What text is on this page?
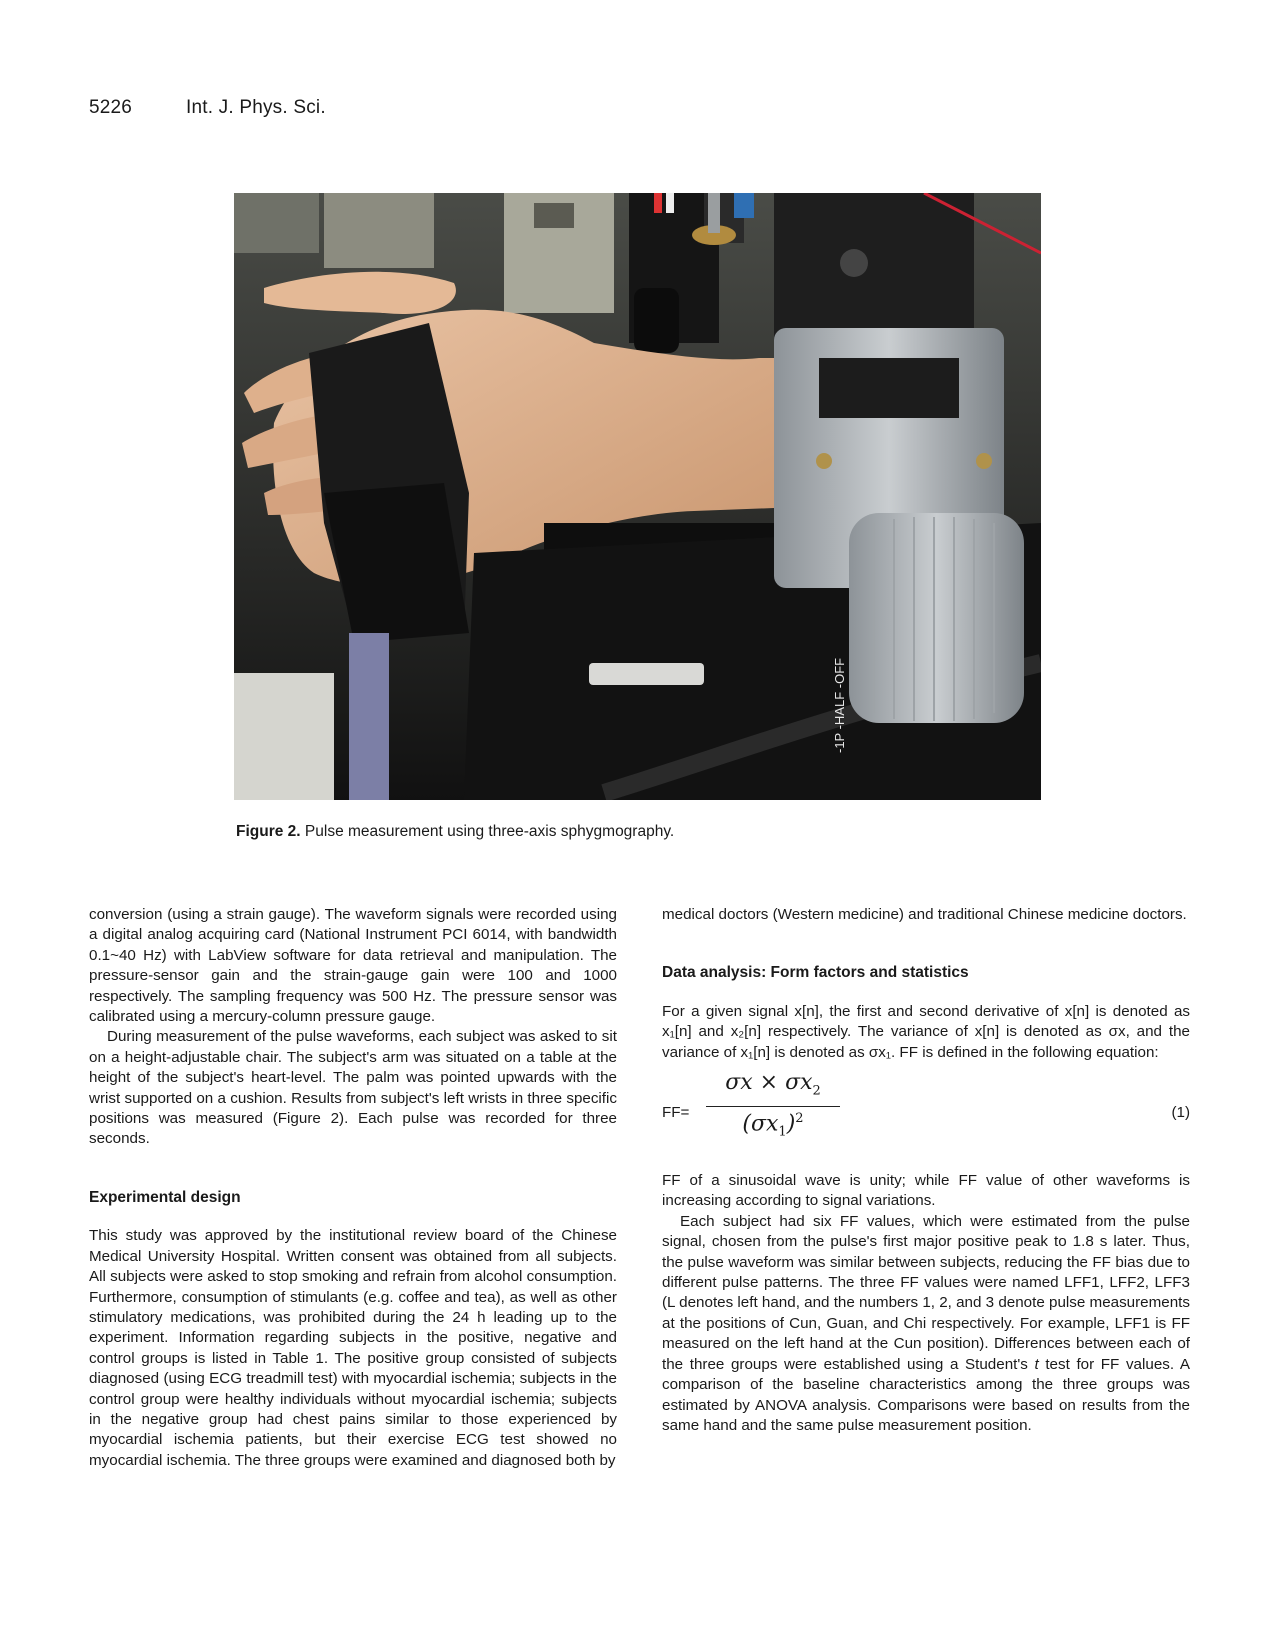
5226	Int. J. Phys. Sci.
-1P -HALF -OFF
Figure 2. Pulse measurement using three-axis sphygmography.

conversion (using a strain gauge). The waveform signals were recorded using a digital analog acquiring card (National Instrument PCI 6014, with bandwidth 0.1~40 Hz) with LabView software for data retrieval and manipulation. The pressure-sensor gain and the strain-gauge gain were 100 and 1000 respectively. The sampling frequency was 500 Hz. The pressure sensor was calibrated using a mercury-column pressure gauge.

During measurement of the pulse waveforms, each subject was asked to sit on a height-adjustable chair. The subject's arm was situated on a table at the height of the subject's heart-level. The palm was pointed upwards with the wrist supported on a cushion. Results from subject's left wrists in three specific positions was measured (Figure 2). Each pulse was recorded for three seconds.

Experimental design

This study was approved by the institutional review board of the Chinese Medical University Hospital. Written consent was obtained from all subjects. All subjects were asked to stop smoking and refrain from alcohol consumption. Furthermore, consumption of stimulants (e.g. coffee and tea), as well as other stimulatory medications, was prohibited during the 24 h leading up to the experiment. Information regarding subjects in the positive, negative and control groups is listed in Table 1. The positive group consisted of subjects diagnosed (using ECG treadmill test) with myocardial ischemia; subjects in the control group were healthy individuals without myocardial ischemia; subjects in the negative group had chest pains similar to those experienced by myocardial ischemia patients, but their exercise ECG test showed no myocardial ischemia. The three groups were examined and diagnosed both by

medical doctors (Western medicine) and traditional Chinese medicine doctors.

Data analysis: Form factors and statistics

For a given signal x[n], the first and second derivative of x[n] is denoted as x₁[n] and x₂[n] respectively. The variance of x[n] is denoted as σx, and the variance of x₁[n] is denoted as σx₁. FF is defined in the following equation:

$FF= \frac{\sigma x \times \sigma x_2}{(\sigma x_1)^2}$	(1)

FF of a sinusoidal wave is unity; while FF value of other waveforms is increasing according to signal variations.

Each subject had six FF values, which were estimated from the pulse signal, chosen from the pulse's first major positive peak to 1.8 s later. Thus, the pulse waveform was similar between subjects, reducing the FF bias due to different pulse patterns. The three FF values were named LFF1, LFF2, LFF3 (L denotes left hand, and the numbers 1, 2, and 3 denote pulse measurements at the positions of Cun, Guan, and Chi respectively. For example, LFF1 is FF measured on the left hand at the Cun position). Differences between each of the three groups were established using a Student's t test for FF values. A comparison of the baseline characteristics among the three groups was estimated by ANOVA analysis. Comparisons were based on results from the same hand and the same pulse measurement position.
